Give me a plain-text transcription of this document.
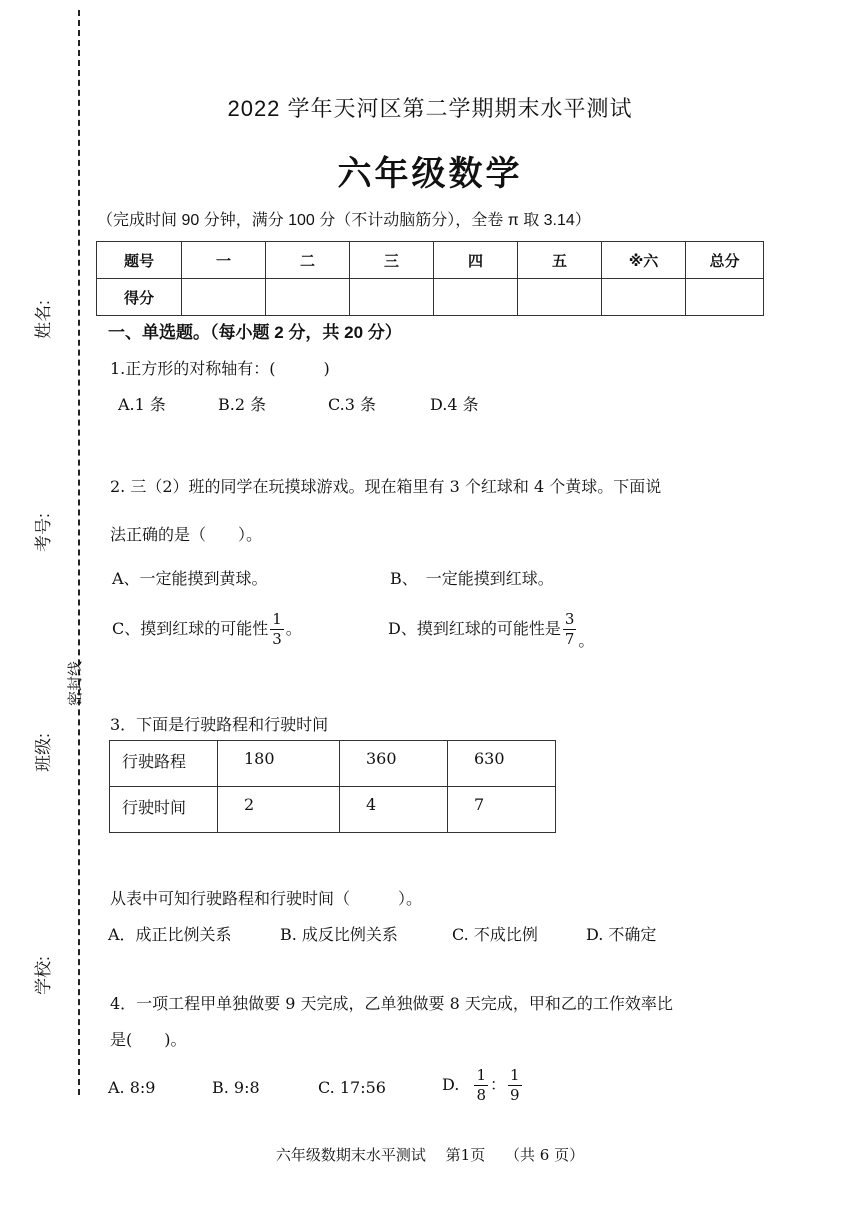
姓名:
考号:
密封线
班级:
学校:
2022 学年天河区第二学期期末水平测试
六年级数学
（完成时间 90 分钟，满分 100 分（不计动脑筋分），全卷 π 取 3.14）
题号	一	二	三	四	五	※六	总分
得分							
一、单选题。（每小题 2 分，共 20 分）
1.正方形的对称轴有：(　　　)
A.1 条	B.2 条	C.3 条	D.4 条
2. 三（2）班的同学在玩摸球游戏。现在箱里有 3 个红球和 4 个黄球。下面说
法正确的是（　　）。
A、一定能摸到黄球。	B、　一定能摸到红球。
C、摸到红球的可能性 $\frac{1}{3}$ 。	D、摸到红球的可能性是 $\frac{3}{7}$ 。
3．下面是行驶路程和行驶时间
行驶路程	180	360	630
行驶时间	2	4	7
从表中可知行驶路程和行驶时间（　　　）。
A．成正比例关系	B. 成反比例关系	C. 不成比例	D. 不确定
4．一项工程甲单独做要 9 天完成，乙单独做要 8 天完成，甲和乙的工作效率比
是(　　)。
A. 8:9	B. 9:8	C. 17:56	D. $\frac{1}{8}$ ： $\frac{1}{9}$
六年级数期末水平测试　 第1页　 （共 6 页）
